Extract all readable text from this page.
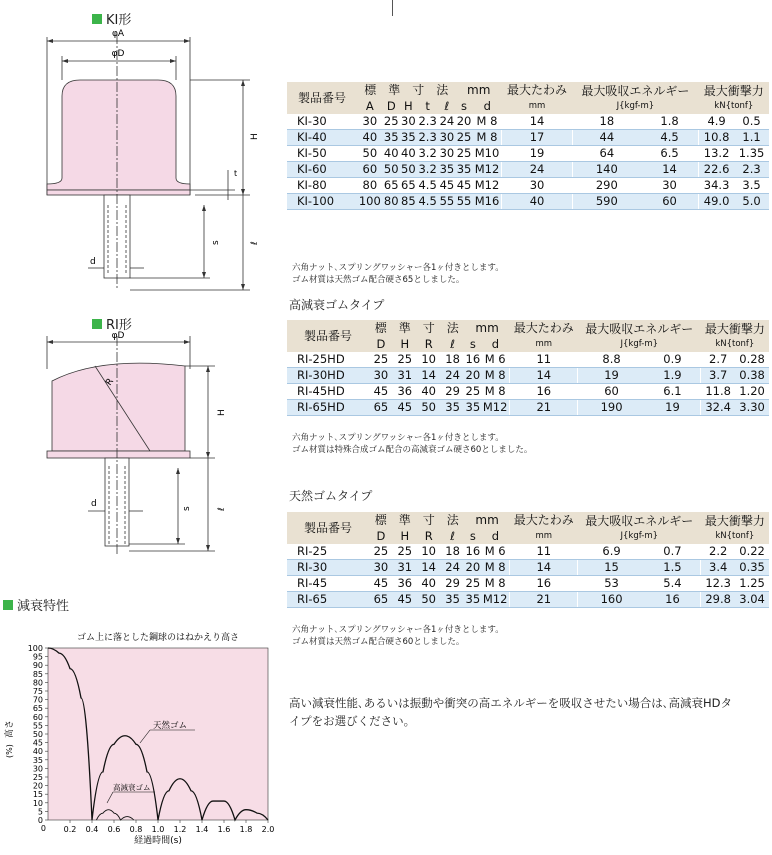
KI形
φA
φD
H
t
s	ℓ
d
RI形
φD
R
H
s	ℓ
d
減衰特性
ゴム上に落とした鋼球のはねかえり高さ
0
5
10
15
20
25
30
35
40
45
50
55
60
65
70
75
80
85
90
95
100
0 0.2 0.4 0.6 0.8 1.0 1.2 1.4 1.6 1.8 2.0
高さ
(%)
経過時間(s)
天然ゴム
高減衰ゴム
製品番号	標　準　寸　法					mm		最大たわみ	最大吸収エネルギー		最大衝撃力	
	A	D	H	t	ℓ	s	d	mm	J{kgf-m}		kN{tonf}	
KI-30	30	25	30	2.3	24	20	M 8	14	18	1.8	4.9	0.5
KI-40	40	35	35	2.3	30	25	M 8	17	44	4.5	10.8	1.1
KI-50	50	40	40	3.2	30	25	M10	19	64	6.5	13.2	1.35
KI-60	60	50	50	3.2	35	35	M12	24	140	14	22.6	2.3
KI-80	80	65	65	4.5	45	45	M12	30	290	30	34.3	3.5
KI-100	100	80	85	4.5	55	55	M16	40	590	60	49.0	5.0
六角ナット､スプリングワッシャー各1ヶ付きとします。
ゴム材質は天然ゴム配合硬さ65としました。
高減衰ゴムタイプ
製品番号	標　準　寸　法				mm		最大たわみ	最大吸収エネルギー		最大衝撃力	
	D	H	R	ℓ	s	d	mm	J{kgf-m}		kN{tonf}	
RI-25HD	25	25	10	18	16	M 6	11	8.8	0.9	2.7	0.28
RI-30HD	30	31	14	24	20	M 8	14	19	1.9	3.7	0.38
RI-45HD	45	36	40	29	25	M 8	16	60	6.1	11.8	1.20
RI-65HD	65	45	50	35	35	M12	21	190	19	32.4	3.30
六角ナット､スプリングワッシャー各1ヶ付きとします。
ゴム材質は特殊合成ゴム配合の高減衰ゴム硬さ60としました。
天然ゴムタイプ
製品番号	標　準　寸　法				mm		最大たわみ	最大吸収エネルギー		最大衝撃力	
	D	H	R	ℓ	s	d	mm	J{kgf-m}		kN{tonf}	
RI-25	25	25	10	18	16	M 6	11	6.9	0.7	2.2	0.22
RI-30	30	31	14	24	20	M 8	14	15	1.5	3.4	0.35
RI-45	45	36	40	29	25	M 8	16	53	5.4	12.3	1.25
RI-65	65	45	50	35	35	M12	21	160	16	29.8	3.04
六角ナット､スプリングワッシャー各1ヶ付きとします。
ゴム材質は天然ゴム配合硬さ60としました。
高い減衰性能､あるいは振動や衝突の高エネルギーを吸収させたい場合は､高減衰HDタ
イプをお選びください。
